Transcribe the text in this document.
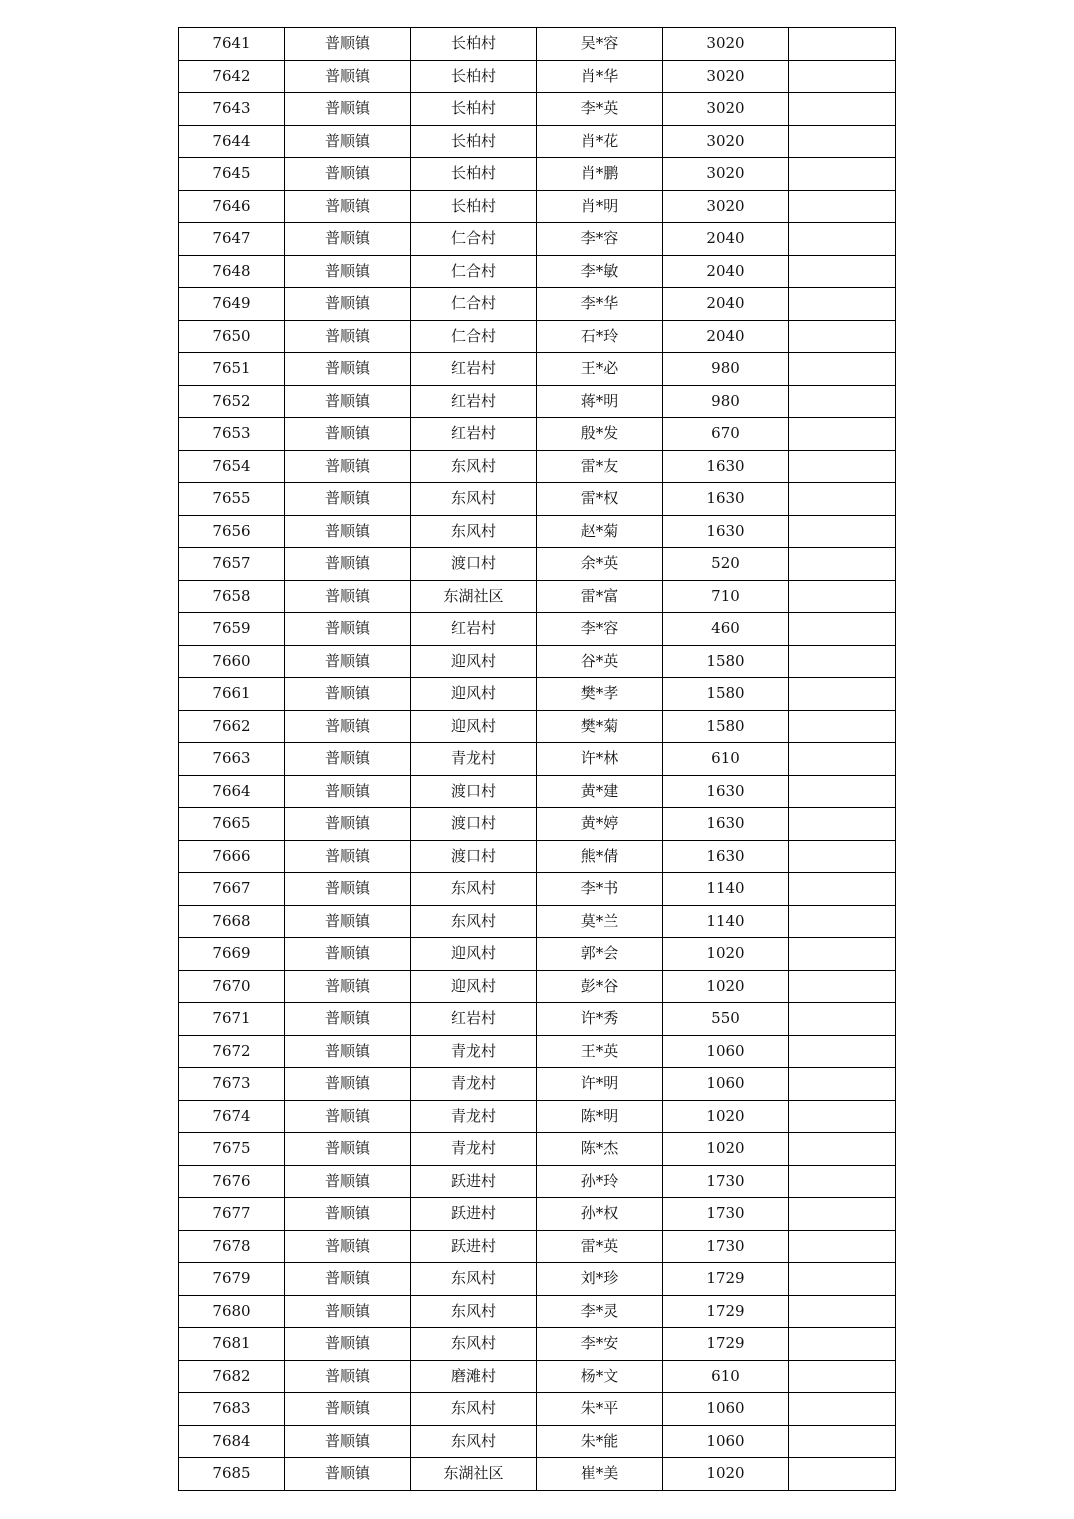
7641	普顺镇	长柏村	吴*容	3020	
7642	普顺镇	长柏村	肖*华	3020	
7643	普顺镇	长柏村	李*英	3020	
7644	普顺镇	长柏村	肖*花	3020	
7645	普顺镇	长柏村	肖*鹏	3020	
7646	普顺镇	长柏村	肖*明	3020	
7647	普顺镇	仁合村	李*容	2040	
7648	普顺镇	仁合村	李*敏	2040	
7649	普顺镇	仁合村	李*华	2040	
7650	普顺镇	仁合村	石*玲	2040	
7651	普顺镇	红岩村	王*必	980	
7652	普顺镇	红岩村	蒋*明	980	
7653	普顺镇	红岩村	殷*发	670	
7654	普顺镇	东风村	雷*友	1630	
7655	普顺镇	东风村	雷*权	1630	
7656	普顺镇	东风村	赵*菊	1630	
7657	普顺镇	渡口村	余*英	520	
7658	普顺镇	东湖社区	雷*富	710	
7659	普顺镇	红岩村	李*容	460	
7660	普顺镇	迎风村	谷*英	1580	
7661	普顺镇	迎风村	樊*孝	1580	
7662	普顺镇	迎风村	樊*菊	1580	
7663	普顺镇	青龙村	许*林	610	
7664	普顺镇	渡口村	黄*建	1630	
7665	普顺镇	渡口村	黄*婷	1630	
7666	普顺镇	渡口村	熊*倩	1630	
7667	普顺镇	东风村	李*书	1140	
7668	普顺镇	东风村	莫*兰	1140	
7669	普顺镇	迎风村	郭*会	1020	
7670	普顺镇	迎风村	彭*谷	1020	
7671	普顺镇	红岩村	许*秀	550	
7672	普顺镇	青龙村	王*英	1060	
7673	普顺镇	青龙村	许*明	1060	
7674	普顺镇	青龙村	陈*明	1020	
7675	普顺镇	青龙村	陈*杰	1020	
7676	普顺镇	跃进村	孙*玲	1730	
7677	普顺镇	跃进村	孙*权	1730	
7678	普顺镇	跃进村	雷*英	1730	
7679	普顺镇	东风村	刘*珍	1729	
7680	普顺镇	东风村	李*灵	1729	
7681	普顺镇	东风村	李*安	1729	
7682	普顺镇	磨滩村	杨*文	610	
7683	普顺镇	东风村	朱*平	1060	
7684	普顺镇	东风村	朱*能	1060	
7685	普顺镇	东湖社区	崔*美	1020	
